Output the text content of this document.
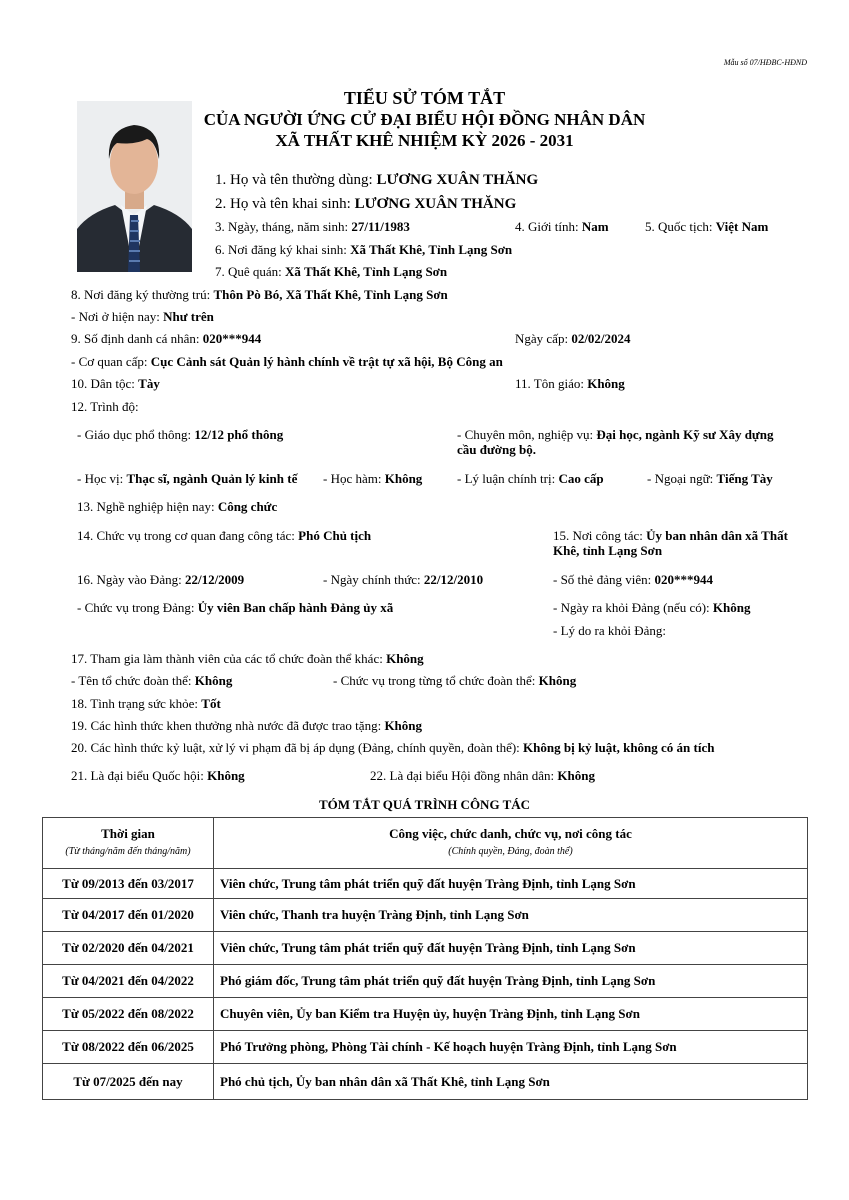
Mẫu số 07/HĐBC-HĐND
TIỂU SỬ TÓM TẮT
CỦA NGƯỜI ỨNG CỬ ĐẠI BIỂU HỘI ĐỒNG NHÂN DÂN
XÃ THẤT KHÊ NHIỆM KỲ 2026 - 2031
1. Họ và tên thường dùng: LƯƠNG XUÂN THĂNG
2. Họ và tên khai sinh: LƯƠNG XUÂN THĂNG
3. Ngày, tháng, năm sinh: 27/11/1983	4. Giới tính: Nam	5. Quốc tịch: Việt Nam
6. Nơi đăng ký khai sinh: Xã Thất Khê, Tỉnh Lạng Sơn
7. Quê quán: Xã Thất Khê, Tỉnh Lạng Sơn
8. Nơi đăng ký thường trú: Thôn Pò Bó, Xã Thất Khê, Tỉnh Lạng Sơn
- Nơi ở hiện nay: Như trên
9. Số định danh cá nhân: 020***944	Ngày cấp: 02/02/2024
- Cơ quan cấp: Cục Cảnh sát Quản lý hành chính về trật tự xã hội, Bộ Công an
10. Dân tộc: Tày	11. Tôn giáo: Không
12. Trình độ:
- Giáo dục phổ thông: 12/12 phổ thông	- Chuyên môn, nghiệp vụ: Đại học, ngành Kỹ sư Xây dựng
cầu đường bộ.
- Học vị: Thạc sĩ, ngành Quản lý kinh tế - Học hàm: Không	- Lý luận chính trị: Cao cấp	- Ngoại ngữ: Tiếng Tày
13. Nghề nghiệp hiện nay: Công chức
14. Chức vụ trong cơ quan đang công tác: Phó Chủ tịch	15. Nơi công tác: Ủy ban nhân dân xã Thất
Khê, tỉnh Lạng Sơn
16. Ngày vào Đảng: 22/12/2009	- Ngày chính thức: 22/12/2010	- Số thẻ đảng viên: 020***944
- Chức vụ trong Đảng: Ủy viên Ban chấp hành Đảng ủy xã	- Ngày ra khỏi Đảng (nếu có): Không
- Lý do ra khỏi Đảng:
17. Tham gia làm thành viên của các tổ chức đoàn thể khác: Không
- Tên tổ chức đoàn thể: Không	- Chức vụ trong từng tổ chức đoàn thể: Không
18. Tình trạng sức khỏe: Tốt
19. Các hình thức khen thưởng nhà nước đã được trao tặng: Không
20. Các hình thức kỷ luật, xử lý vi phạm đã bị áp dụng (Đảng, chính quyền, đoàn thể): Không bị kỷ luật, không có án tích
21. Là đại biểu Quốc hội: Không	22. Là đại biểu Hội đồng nhân dân: Không
TÓM TẮT QUÁ TRÌNH CÔNG TÁC
Thời gian
(Từ tháng/năm đến tháng/năm)	Công việc, chức danh, chức vụ, nơi công tác
(Chính quyền, Đảng, đoàn thể)

Từ 09/2013 đến 03/2017	Viên chức, Trung tâm phát triển quỹ đất huyện Tràng Định, tỉnh Lạng Sơn
Từ 04/2017 đến 01/2020	Viên chức, Thanh tra huyện Tràng Định, tỉnh Lạng Sơn
Từ 02/2020 đến 04/2021	Viên chức, Trung tâm phát triển quỹ đất huyện Tràng Định, tỉnh Lạng Sơn
Từ 04/2021 đến 04/2022	Phó giám đốc, Trung tâm phát triển quỹ đất huyện Tràng Định, tỉnh Lạng Sơn
Từ 05/2022 đến 08/2022	Chuyên viên, Ủy ban Kiểm tra Huyện ủy, huyện Tràng Định, tỉnh Lạng Sơn
Từ 08/2022 đến 06/2025	Phó Trưởng phòng, Phòng Tài chính - Kế hoạch huyện Tràng Định, tỉnh Lạng Sơn
Từ 07/2025 đến nay	Phó chủ tịch, Ủy ban nhân dân xã Thất Khê, tỉnh Lạng Sơn
